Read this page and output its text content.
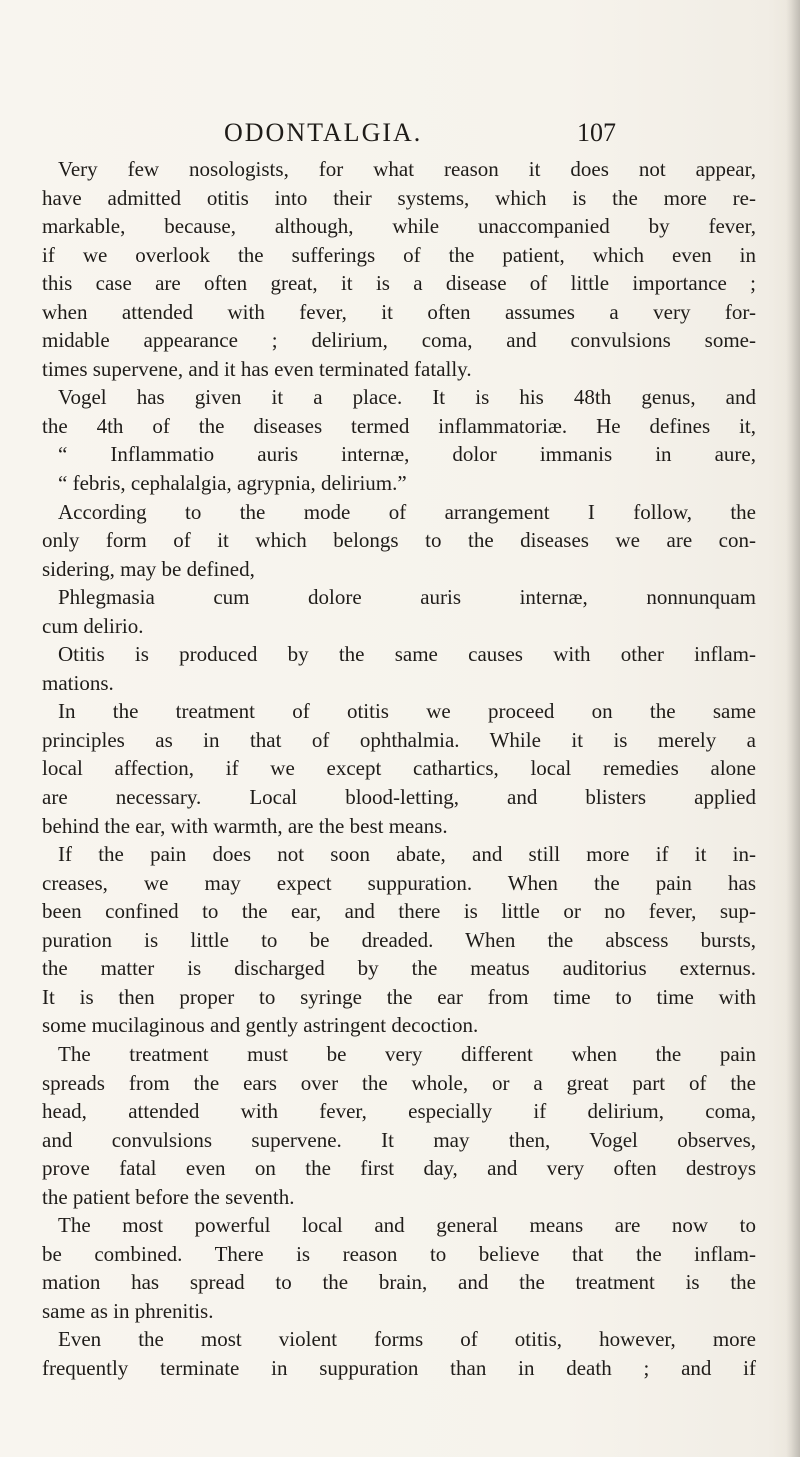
ODONTALGIA.	107
Very few nosologists, for what reason it does not appear,
have admitted otitis into their systems, which is the more re-
markable, because, although, while unaccompanied by fever,
if we overlook the sufferings of the patient, which even in
this case are often great, it is a disease of little importance ;
when attended with fever, it often assumes a very for-
midable appearance ; delirium, coma, and convulsions some-
times supervene, and it has even terminated fatally.
Vogel has given it a place. It is his 48th genus, and
the 4th of the diseases termed inflammatoriæ. He defines it,
“ Inflammatio auris internæ, dolor immanis in aure,
“ febris, cephalalgia, agrypnia, delirium.”
According to the mode of arrangement I follow, the
only form of it which belongs to the diseases we are con-
sidering, may be defined,
Phlegmasia cum dolore auris internæ, nonnunquam
cum delirio.
Otitis is produced by the same causes with other inflam-
mations.
In the treatment of otitis we proceed on the same
principles as in that of ophthalmia. While it is merely a
local affection, if we except cathartics, local remedies alone
are necessary. Local blood-letting, and blisters applied
behind the ear, with warmth, are the best means.
If the pain does not soon abate, and still more if it in-
creases, we may expect suppuration. When the pain has
been confined to the ear, and there is little or no fever, sup-
puration is little to be dreaded. When the abscess bursts,
the matter is discharged by the meatus auditorius externus.
It is then proper to syringe the ear from time to time with
some mucilaginous and gently astringent decoction.
The treatment must be very different when the pain
spreads from the ears over the whole, or a great part of the
head, attended with fever, especially if delirium, coma,
and convulsions supervene. It may then, Vogel observes,
prove fatal even on the first day, and very often destroys
the patient before the seventh.
The most powerful local and general means are now to
be combined. There is reason to believe that the inflam-
mation has spread to the brain, and the treatment is the
same as in phrenitis.
Even the most violent forms of otitis, however, more
frequently terminate in suppuration than in death ; and if
